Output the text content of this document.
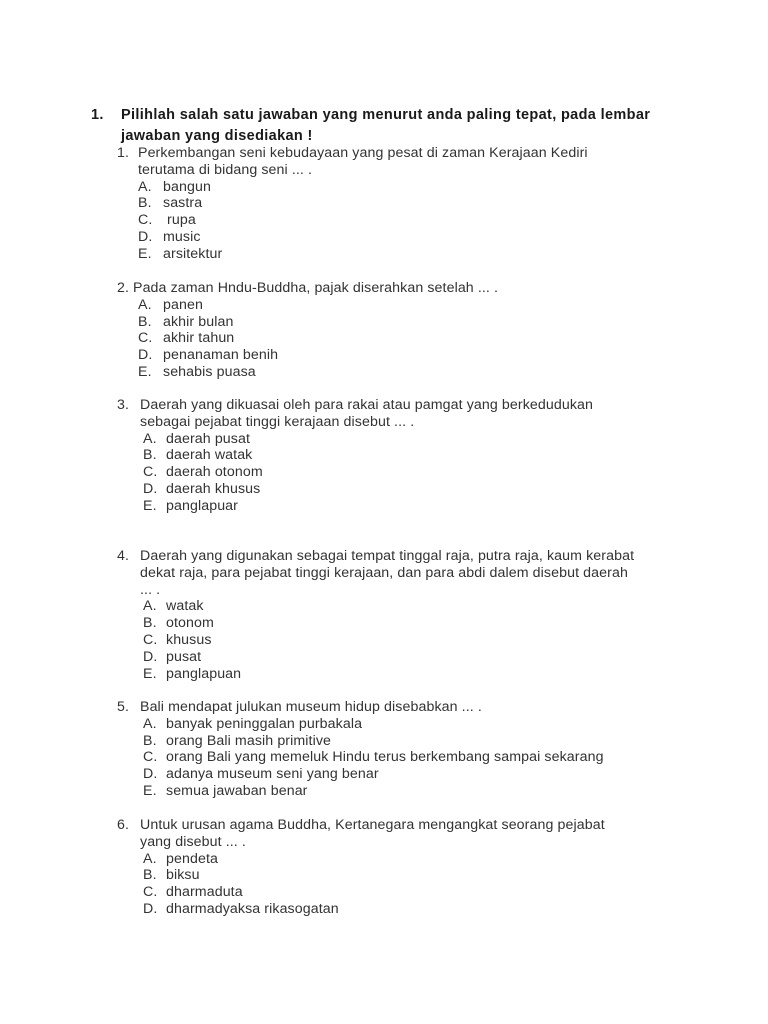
1. Pilihlah salah satu jawaban yang menurut anda paling tepat, pada lembar jawaban yang disediakan !
1. Perkembangan seni kebudayaan yang pesat di zaman Kerajaan Kediri
terutama di bidang seni ... .
A. bangun
B. sastra
C. rupa
D. music
E. arsitektur
2. Pada zaman Hndu-Buddha, pajak diserahkan setelah ... .
A. panen
B. akhir bulan
C. akhir tahun
D. penanaman benih
E. sehabis puasa
3. Daerah yang dikuasai oleh para rakai atau pamgat yang berkedudukan
sebagai pejabat tinggi kerajaan disebut ... .
A. daerah pusat
B. daerah watak
C. daerah otonom
D. daerah khusus
E. panglapuar
4. Daerah yang digunakan sebagai tempat tinggal raja, putra raja, kaum kerabat
dekat raja, para pejabat tinggi kerajaan, dan para abdi dalem disebut daerah
... .
A. watak
B. otonom
C. khusus
D. pusat
E. panglapuan
5. Bali mendapat julukan museum hidup disebabkan ... .
A. banyak peninggalan purbakala
B. orang Bali masih primitive
C. orang Bali yang memeluk Hindu terus berkembang sampai sekarang
D. adanya museum seni yang benar
E. semua jawaban benar
6. Untuk urusan agama Buddha, Kertanegara mengangkat seorang pejabat
yang disebut ... .
A. pendeta
B. biksu
C. dharmaduta
D. dharmadyaksa rikasogatan
